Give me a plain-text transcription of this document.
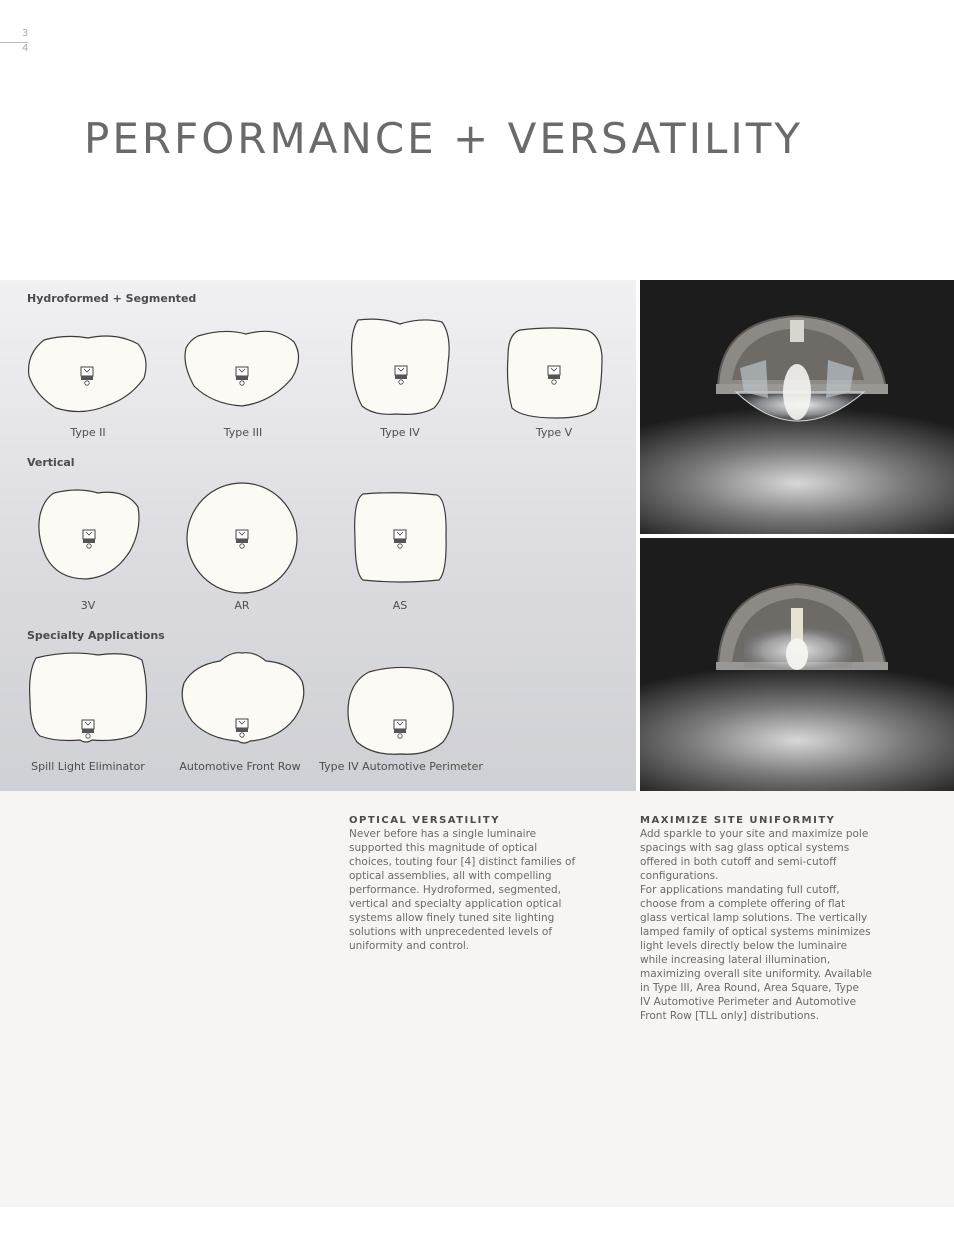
3
4
PERFORMANCE + VERSATILITY
Hydroformed + Segmented
Type II	Type III	Type IV	Type V
Vertical
3V	AR	AS
Specialty Applications
Spill Light Eliminator	Automotive Front Row	Type IV Automotive Perimeter
OPTICAL VERSATILITY

Never before has a single luminaire supported this magnitude of optical choices, touting four [4] distinct families of optical assemblies, all with compelling performance. Hydroformed, segmented, vertical and specialty application optical systems allow finely tuned site lighting solutions with unprecedented levels of uniformity and control.

MAXIMIZE SITE UNIFORMITY

Add sparkle to your site and maximize pole spacings with sag glass optical systems offered in both cutoff and semi-cutoff configurations.

For applications mandating full cutoff, choose from a complete offering of flat glass vertical lamp solutions. The vertically lamped family of optical systems minimizes light levels directly below the luminaire while increasing lateral illumination, maximizing overall site uniformity. Available in Type III, Area Round, Area Square, Type IV Automotive Perimeter and Automotive Front Row [TLL only] distributions.
